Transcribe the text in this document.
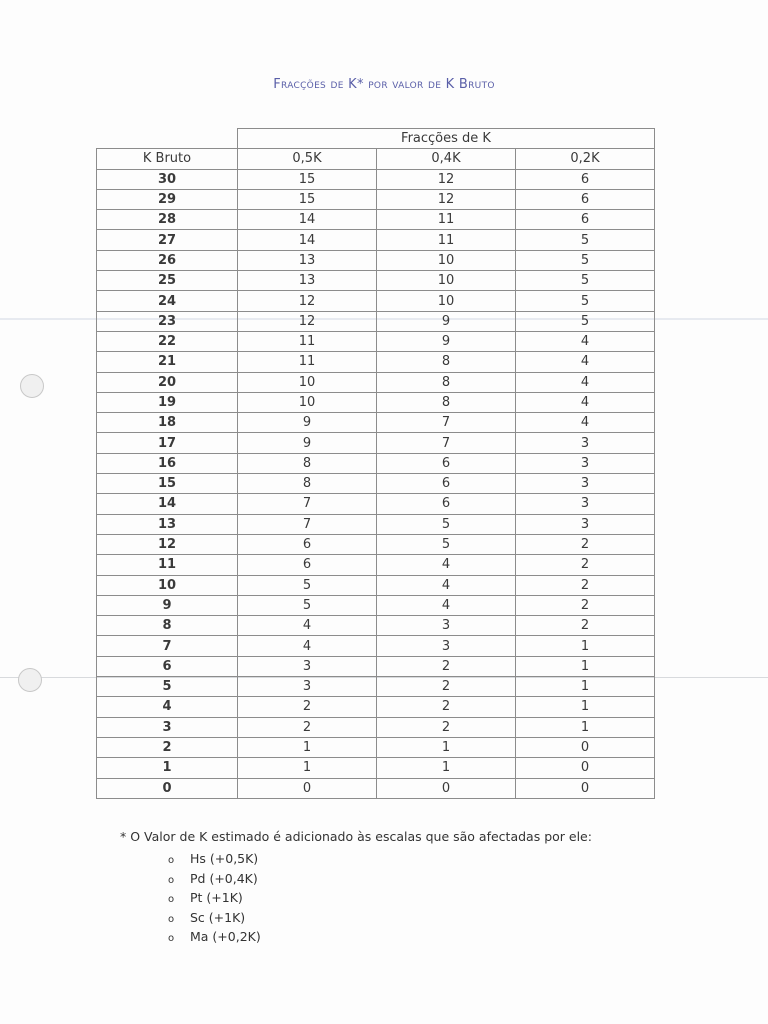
Fracções de K* por valor de K Bruto
	Fracções de K		
K Bruto	0,5K	0,4K	0,2K
30	15	12	6
29	15	12	6
28	14	11	6
27	14	11	5
26	13	10	5
25	13	10	5
24	12	10	5
23	12	9	5
22	11	9	4
21	11	8	4
20	10	8	4
19	10	8	4
18	9	7	4
17	9	7	3
16	8	6	3
15	8	6	3
14	7	6	3
13	7	5	3
12	6	5	2
11	6	4	2
10	5	4	2
9	5	4	2
8	4	3	2
7	4	3	1
6	3	2	1
5	3	2	1
4	2	2	1
3	2	2	1
2	1	1	0
1	1	1	0
0	0	0	0
* O Valor de K estimado é adicionado às escalas que são afectadas por ele:
o Hs (+0,5K)
o Pd (+0,4K)
o Pt (+1K)
o Sc (+1K)
o Ma (+0,2K)
